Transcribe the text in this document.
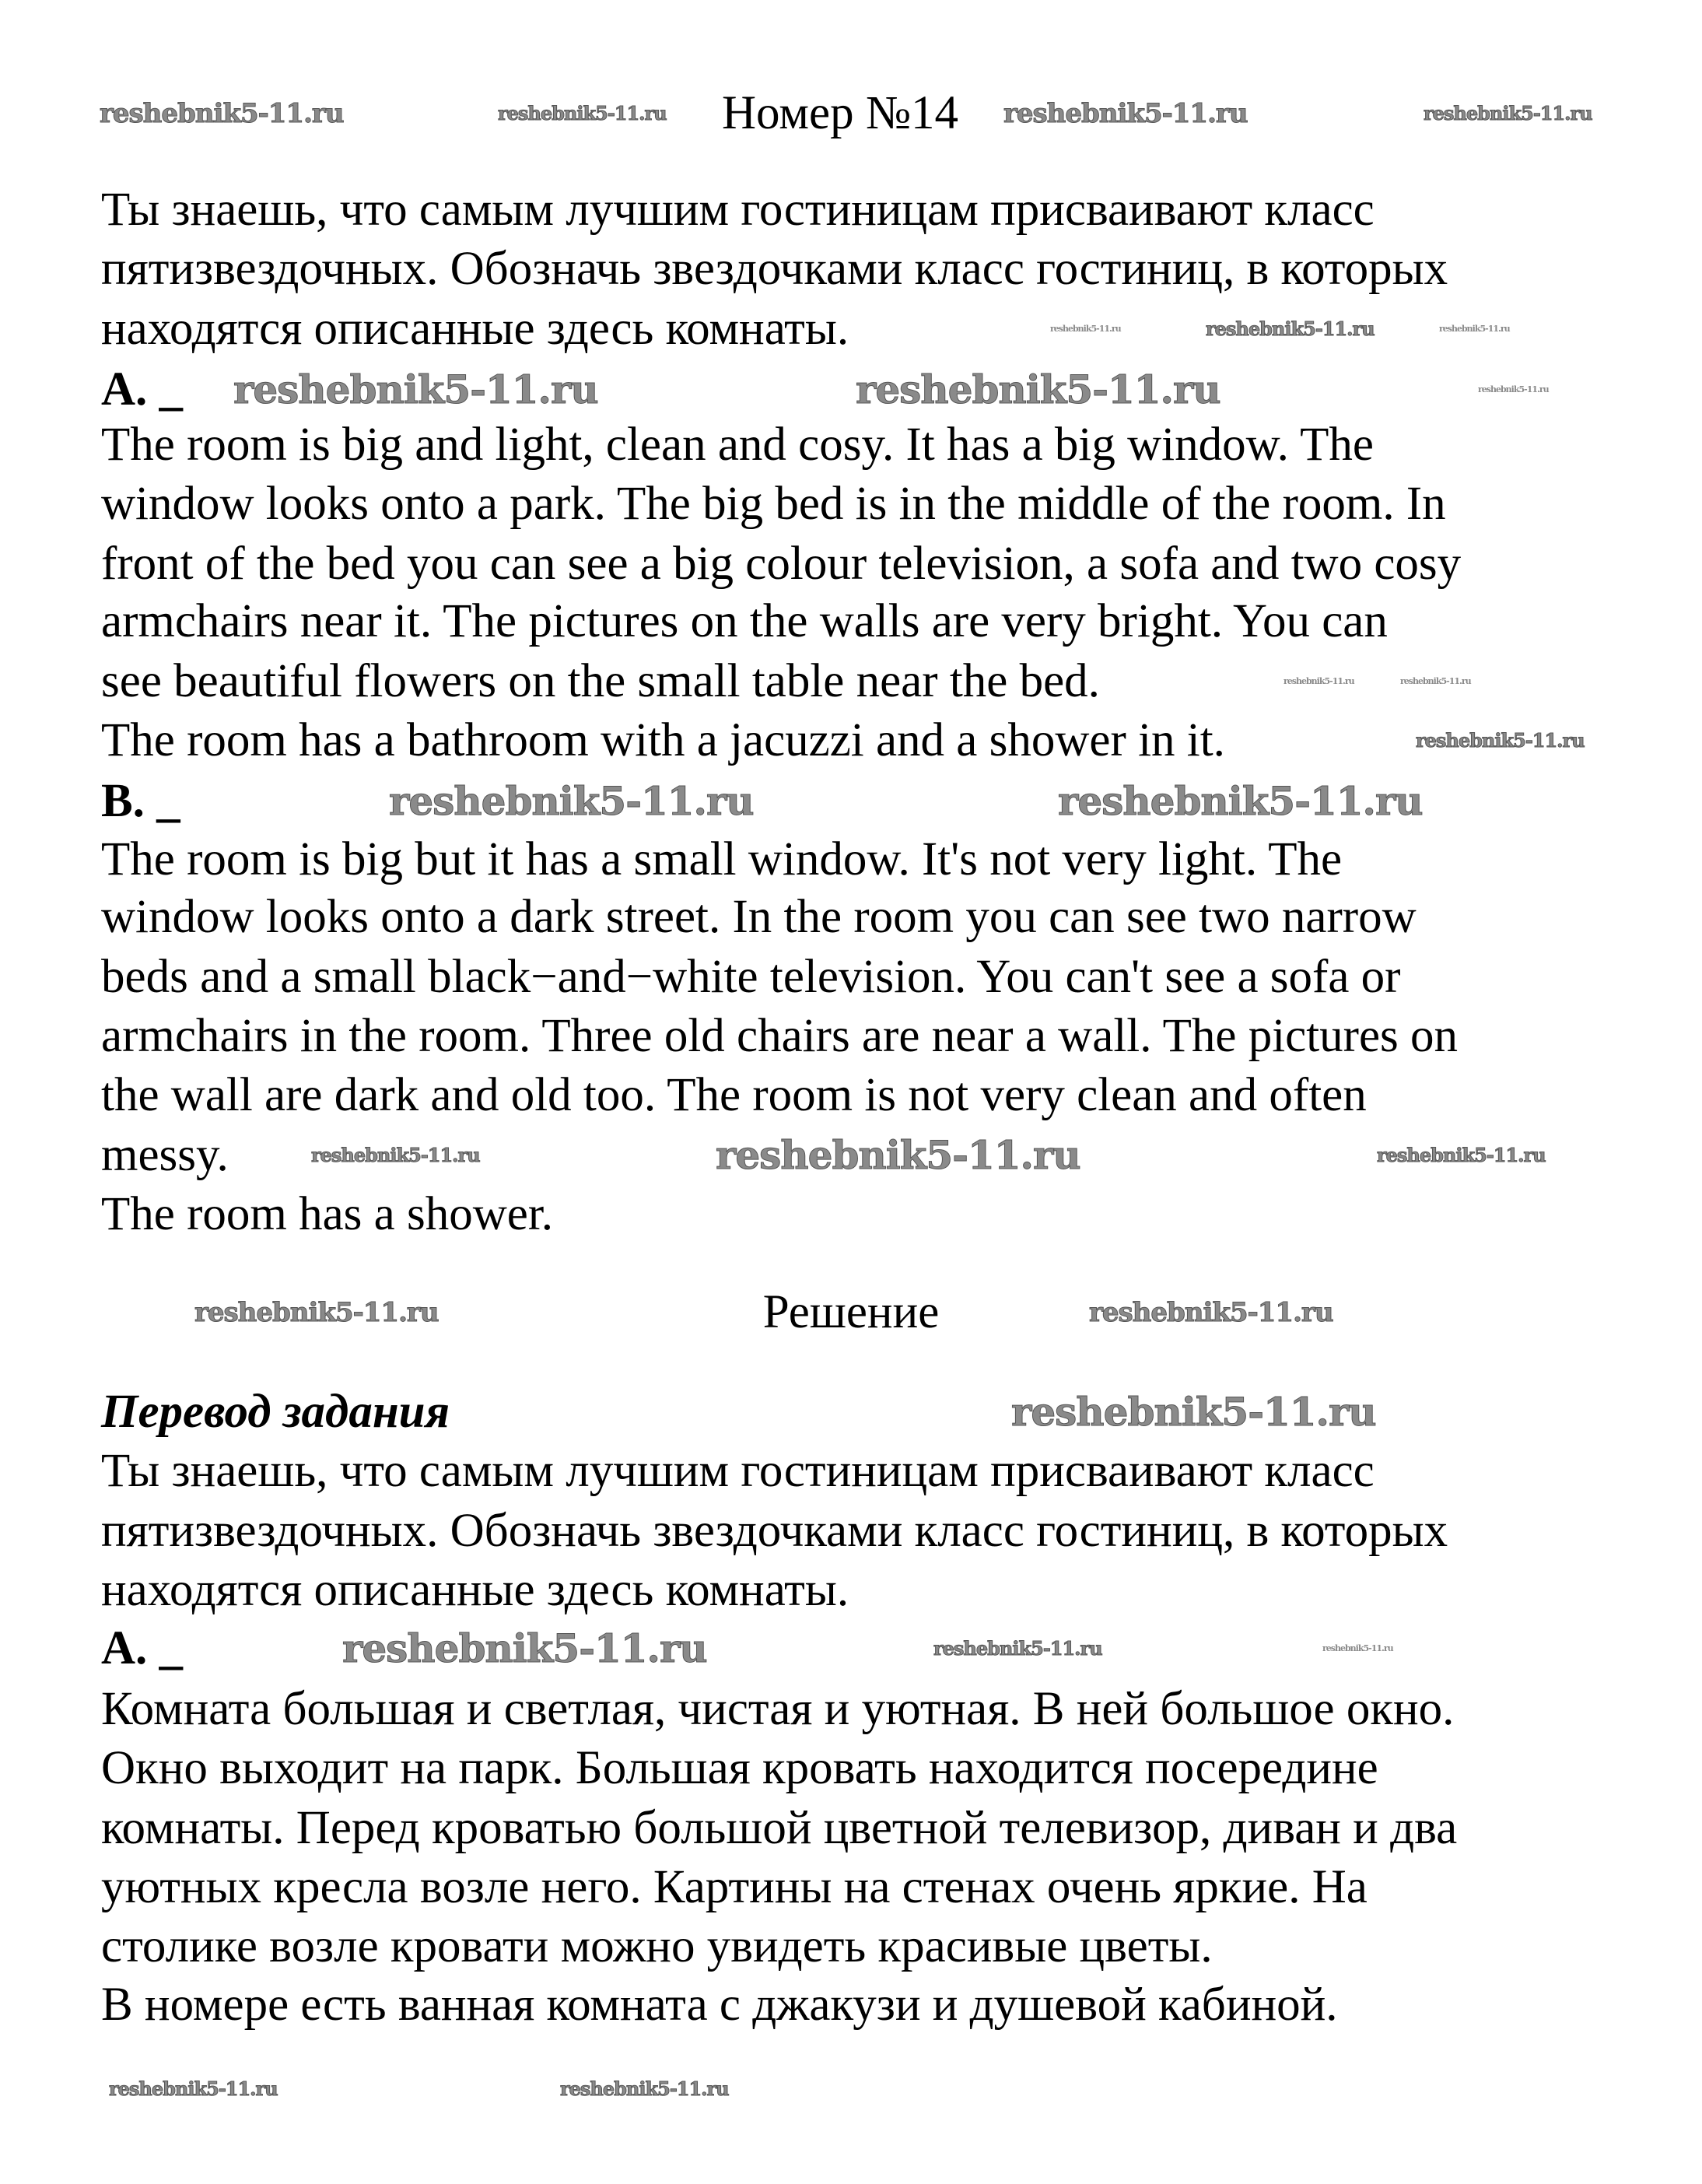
Номер №14
Ты знаешь, что самым лучшим гостиницам присваивают класс
пятизвездочных. Обозначь звездочками класс гостиниц, в которых
находятся описанные здесь комнаты.
A. _
The room is big and light, clean and cosy. It has a big window. The
window looks onto a park. The big bed is in the middle of the room. In
front of the bed you can see a big colour television, a sofa and two cosy
armchairs near it. The pictures on the walls are very bright. You can
see beautiful flowers on the small table near the bed.
The room has a bathroom with a jacuzzi and a shower in it.
B. _
The room is big but it has a small window. It's not very light. The
window looks onto a dark street. In the room you can see two narrow
beds and a small black−and−white television. You can't see a sofa or
armchairs in the room. Three old chairs are near a wall. The pictures on
the wall are dark and old too. The room is not very clean and often
messy.
The room has a shower.
Решение
Перевод задания
Ты знаешь, что самым лучшим гостиницам присваивают класс
пятизвездочных. Обозначь звездочками класс гостиниц, в которых
находятся описанные здесь комнаты.
A. _
Комната большая и светлая, чистая и уютная. В ней большое окно.
Окно выходит на парк. Большая кровать находится посередине
комнаты. Перед кроватью большой цветной телевизор, диван и два
уютных кресла возле него. Картины на стенах очень яркие. На
столике возле кровати можно увидеть красивые цветы.
В номере есть ванная комната с джакузи и душевой кабиной.
reshebnik5-11.ru	reshebnik5-11.ru	reshebnik5-11.ru	reshebnik5-11.ru
reshebnik5-11.ru	reshebnik5-11.ru	reshebnik5-11.ru
reshebnik5-11.ru	reshebnik5-11.ru	reshebnik5-11.ru
reshebnik5-11.ru	reshebnik5-11.ru
reshebnik5-11.ru
reshebnik5-11.ru	reshebnik5-11.ru
reshebnik5-11.ru	reshebnik5-11.ru	reshebnik5-11.ru
reshebnik5-11.ru	reshebnik5-11.ru
reshebnik5-11.ru
reshebnik5-11.ru	reshebnik5-11.ru	reshebnik5-11.ru
reshebnik5-11.ru	reshebnik5-11.ru
